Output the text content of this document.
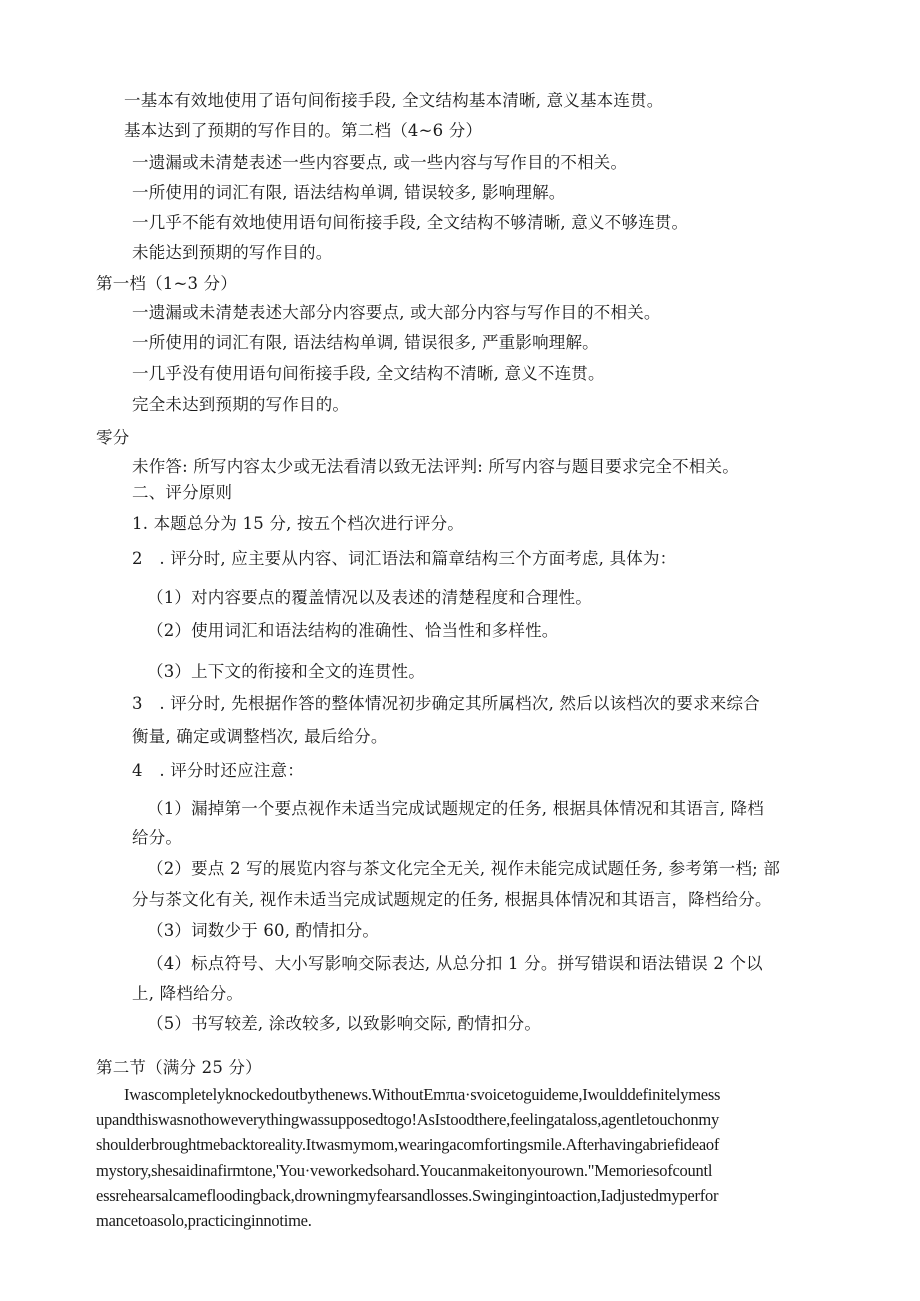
一基本有效地使用了语句间衔接手段, 全文结构基本清晰, 意义基本连贯。
基本达到了预期的写作目的。第二档（4~6 分）
一遗漏或未清楚表述一些内容要点, 或一些内容与写作目的不相关。
一所使用的词汇有限, 语法结构单调, 错误较多, 影响理解。
一几乎不能有效地使用语句间衔接手段, 全文结构不够清晰, 意义不够连贯。
未能达到预期的写作目的。
第一档（1~3 分）
一遗漏或未清楚表述大部分内容要点, 或大部分内容与写作目的不相关。
一所使用的词汇有限, 语法结构单调, 错误很多, 严重影响理解。
一几乎没有使用语句间衔接手段, 全文结构不清晰, 意义不连贯。
完全未达到预期的写作目的。
零分
未作答: 所写内容太少或无法看清以致无法评判: 所写内容与题目要求完全不相关。
二、评分原则
1. 本题总分为 15 分, 按五个档次进行评分。
2　. 评分时, 应主要从内容、词汇语法和篇章结构三个方面考虑, 具体为：
（1）对内容要点的覆盖情况以及表述的清楚程度和合理性。
（2）使用词汇和语法结构的准确性、恰当性和多样性。
（3）上下文的衔接和全文的连贯性。
3　. 评分时, 先根据作答的整体情况初步确定其所属档次, 然后以该档次的要求来综合
衡量, 确定或调整档次, 最后给分。
4　. 评分时还应注意：
（1）漏掉第一个要点视作未适当完成试题规定的任务, 根据具体情况和其语言, 降档
给分。
（2）要点 2 写的展览内容与茶文化完全无关, 视作未能完成试题任务, 参考第一档; 部
分与茶文化有关, 视作未适当完成试题规定的任务, 根据具体情况和其语言，降档给分。
（3）词数少于 60, 酌情扣分。
（4）标点符号、大小写影响交际表达, 从总分扣 1 分。拼写错误和语法错误 2 个以
上, 降档给分。
（5）书写较差, 涂改较多, 以致影响交际, 酌情扣分。
第二节（满分 25 分）
Iwascompletelyknockedoutbythenews.WithoutEmπιa·svoicetoguideme,Iwoulddefinitelymess
upandthiswasnothoweverythingwassupposedtogo!AsIstoodthere,feelingataloss,agentletouchonmy
shoulderbroughtmebacktoreality.Itwasmymom,wearingacomfortingsmile.Afterhavingabriefideaof
mystory,shesaidinafirmtone,'You·veworkedsohard.Youcanmakeitonyourown."Memoriesofcountl
essrehearsalcamefloodingback,drowningmyfearsandlosses.Swingingintoaction,Iadjustedmyperfor
mancetoasolo,practicinginnotime.
